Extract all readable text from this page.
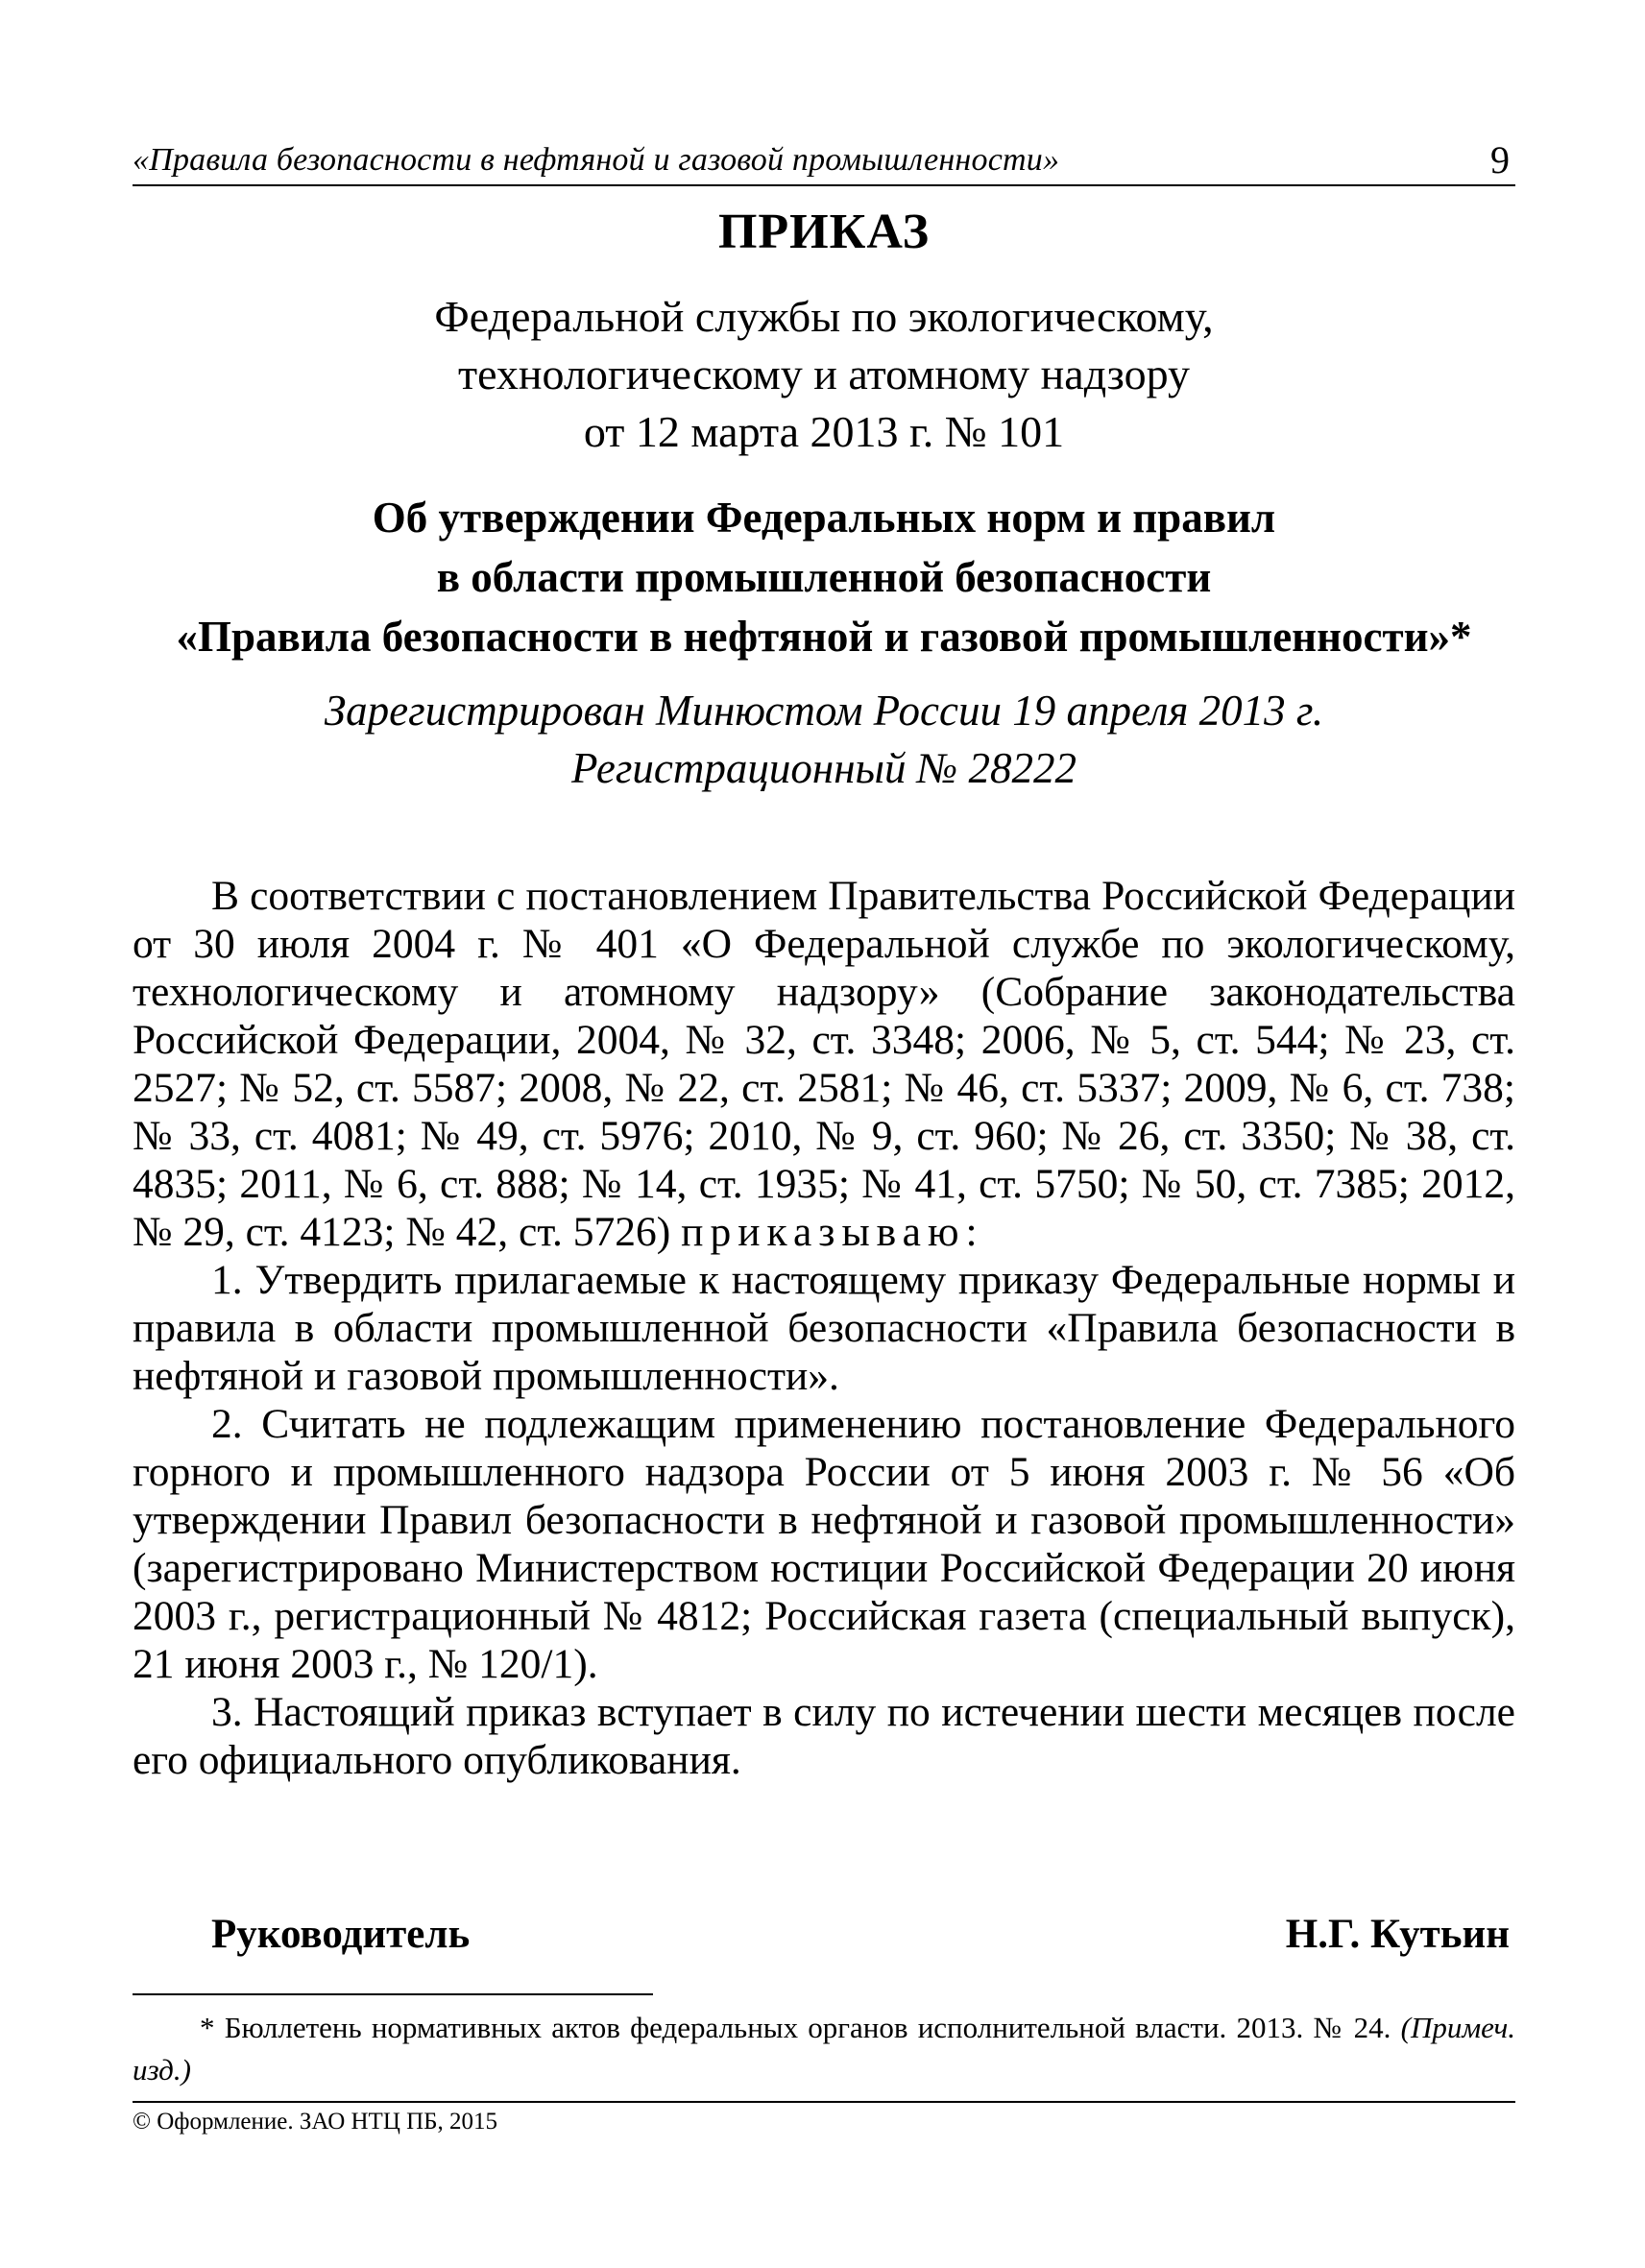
«Правила безопасности в нефтяной и газовой промышленности»	9
ПРИКАЗ
Федеральной службы по экологическому,
технологическому и атомному надзору
от 12 марта 2013 г. № 101
Об утверждении Федеральных норм и правил
в области промышленной безопасности
«Правила безопасности в нефтяной и газовой промышленности»*
Зарегистрирован Минюстом России 19 апреля 2013 г.
Регистрационный № 28222

В соответствии с постановлением Правительства Российской Федерации от 30 июля 2004 г. № 401 «О Федеральной службе по экологическому, технологическому и атомному надзору» (Собрание законодательства Российской Федерации, 2004, № 32, ст. 3348; 2006, № 5, ст. 544; № 23, ст. 2527; № 52, ст. 5587; 2008, № 22, ст. 2581; № 46, ст. 5337; 2009, № 6, ст. 738; № 33, ст. 4081; № 49, ст. 5976; 2010, № 9, ст. 960; № 26, ст. 3350; № 38, ст. 4835; 2011, № 6, ст. 888; № 14, ст. 1935; № 41, ст. 5750; № 50, ст. 7385; 2012, № 29, ст. 4123; № 42, ст. 5726) приказываю:

1. Утвердить прилагаемые к настоящему приказу Федеральные нормы и правила в области промышленной безопасности «Правила безопасности в нефтяной и газовой промышленности».

2. Считать не подлежащим применению постановление Федерального горного и промышленного надзора России от 5 июня 2003 г. № 56 «Об утверждении Правил безопасности в нефтяной и газовой промышленности» (зарегистрировано Министерством юстиции Российской Федерации 20 июня 2003 г., регистрационный № 4812; Российская газета (специальный выпуск), 21 июня 2003 г., № 120/1).

3. Настоящий приказ вступает в силу по истечении шести месяцев после его официального опубликования.

Руководитель	Н.Г. Кутьин
* Бюллетень нормативных актов федеральных органов исполнительной власти. 2013. № 24. (Примеч. изд.)
© Оформление. ЗАО НТЦ ПБ, 2015
